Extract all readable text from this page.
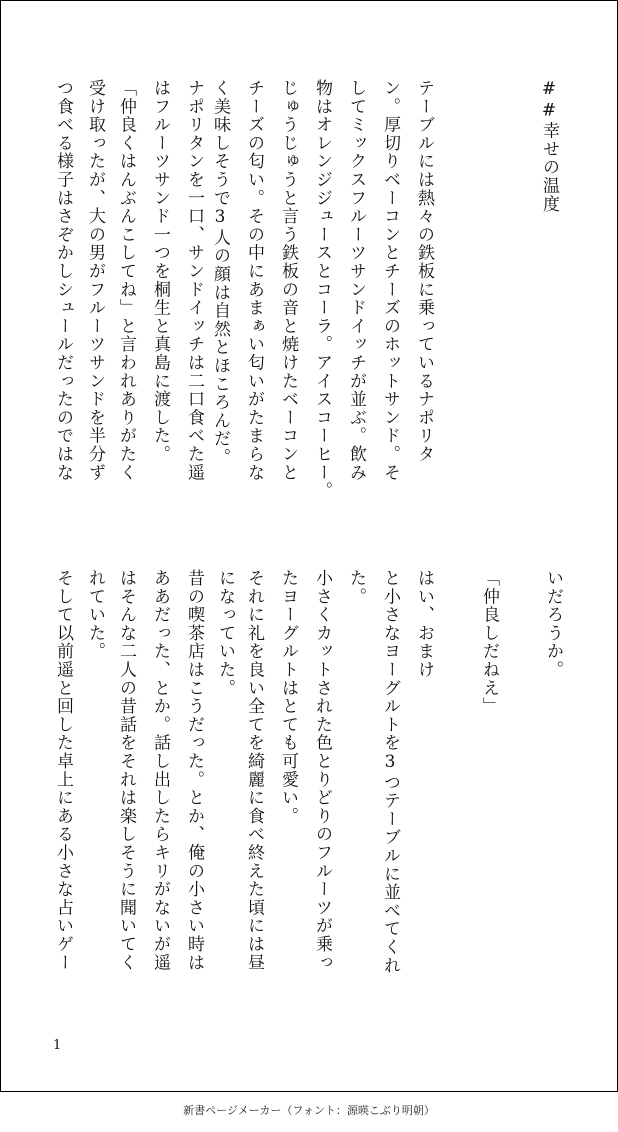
##幸せの温度
テーブルには熱々の鉄板に乗っているナポリタ
ン。厚切りベーコンとチーズのホットサンド。そ
してミックスフルーツサンドイッチが並ぶ。飲み
物はオレンジジュースとコーラ。アイスコーヒー。
じゅうじゅうと言う鉄板の音と焼けたベーコンと
チーズの匂い。その中にあまぁい匂いがたまらな
く美味しそうで3人の顔は自然とほころんだ。
ナポリタンを一口、サンドイッチは二口食べた遥
はフルーツサンド一つを桐生と真島に渡した。
「仲良くはんぶんこしてね」と言われありがたく
受け取ったが、大の男がフルーツサンドを半分ず
つ食べる様子はさぞかしシュールだったのではな
いだろうか。
「仲良しだねえ」
はい、おまけ
と小さなヨーグルトを3つテーブルに並べてくれ
た。
小さくカットされた色とりどりのフルーツが乗っ
たヨーグルトはとても可愛い。
それに礼を良い全てを綺麗に食べ終えた頃には昼
になっていた。
昔の喫茶店はこうだった。とか、俺の小さい時は
ああだった、とか。話し出したらキリがないが遥
はそんな二人の昔話をそれは楽しそうに聞いてく
れていた。
そして以前遥と回した卓上にある小さな占いゲー
1
新書ページメーカー（フォント：源暎こぶり明朝）
